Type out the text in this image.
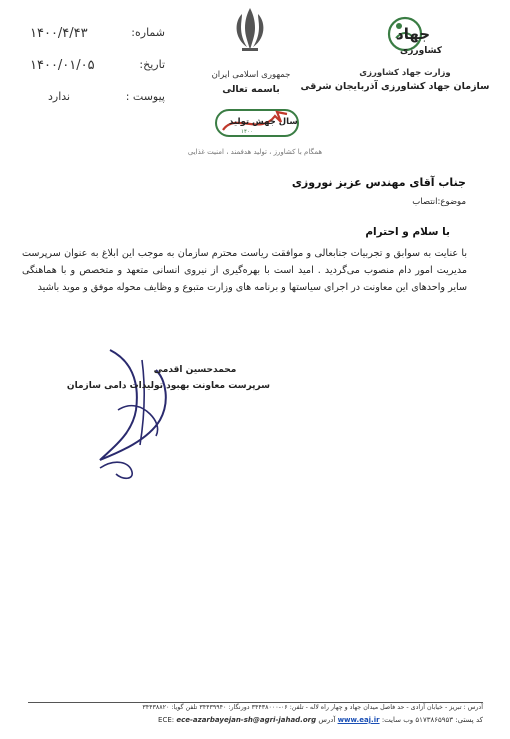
شماره:
۱۴۰۰/۴/۴۳
تاریخ:
۱۴۰۰/۰۱/۰۵
پیوست :
ندارد
جمهوری اسلامی ایران
باسمه تعالی
سال جهش تولید
۱۴۰۰
همگام با کشاورز ، تولید هدفمند ، امنیت غذایی
جهاد
کشاورزی
وزارت جهاد کشاورزی
سازمان جهاد کشاورزی آذربایجان شرقی
جناب آقای مهندس عزیز نوروزی
موضوع:انتصاب
با سلام و احترام
با عنایت به سوابق و تجربیات جنابعالی و موافقت ریاست محترم سازمان به موجب این ابلاغ به عنوان سرپرست مدیریت امور دام منصوب می‌گردید . امید است با بهره‌گیری از نیروی انسانی متعهد و متخصص و با هماهنگی سایر واحدهای این معاونت در اجرای سیاستها و برنامه های وزارت متبوع و وظایف محوله موفق و موید باشید
محمدحسین اقدمی
سرپرست معاونت بهبود تولیدات دامی سازمان
آدرس : تبریز - خیابان آزادی - حد فاصل میدان جهاد و چهار راه لاله - تلفن: ۰۶-۳۴۴۳۸۰۰۰ دورنگار: ۳۴۴۳۹۹۴۰ تلفن گویا: ۳۴۴۳۸۸۲۰
کد پستی: ۵۱۷۳۸۶۵۹۵۳ وب سایت: www.eaj.ir آدرس ECE: ece-azarbayejan-sh@agri-jahad.org
